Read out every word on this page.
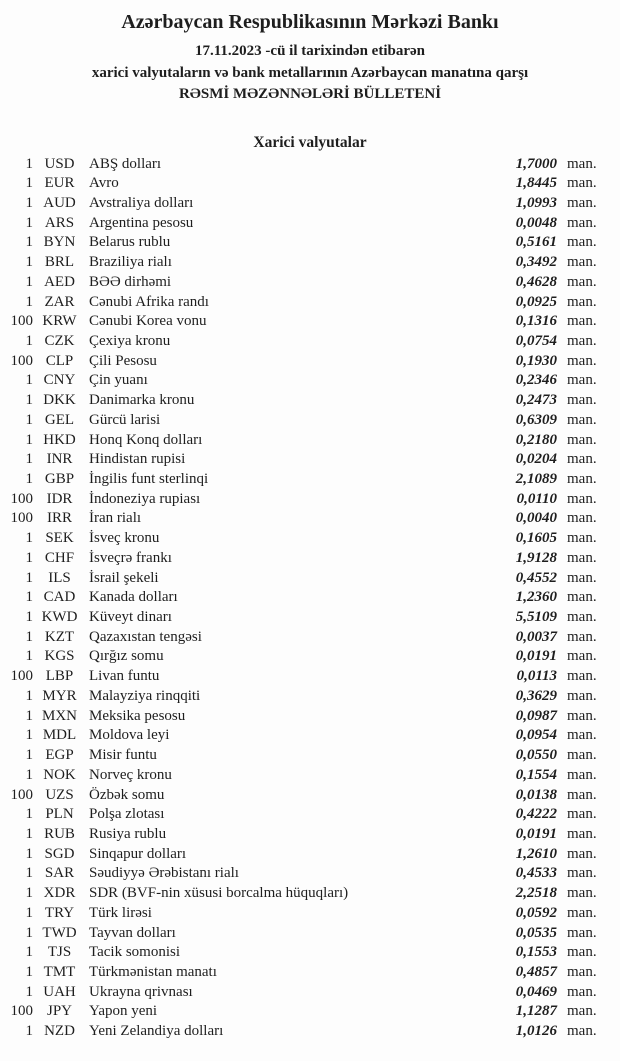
Azərbaycan Respublikasının Mərkəzi Bankı
17.11.2023 -cü il tarixindən etibarən
xarici valyutaların və bank metallarının Azərbaycan manatına qarşı
RƏSMİ MƏZƏNNƏLƏRİ BÜLLETENİ
Xarici valyutalar
1 USD ABŞ dolları	1,7000 man.
1 EUR Avro	1,8445 man.
1 AUD Avstraliya dolları	1,0993 man.
1 ARS Argentina pesosu	0,0048 man.
1 BYN Belarus rublu	0,5161 man.
1 BRL Braziliya rialı	0,3492 man.
1 AED BƏƏ dirhəmi	0,4628 man.
1 ZAR Cənubi Afrika randı	0,0925 man.
100 KRW Cənubi Korea vonu	0,1316 man.
1 CZK Çexiya kronu	0,0754 man.
100 CLP	Çili Pesosu	0,1930 man.
1 CNY Çin yuanı	0,2346 man.
1 DKK Danimarka kronu	0,2473 man.
1 GEL Gürcü larisi	0,6309 man.
1 HKD Honq Konq dolları	0,2180 man.
1 INR	Hindistan rupisi	0,0204 man.
1 GBP İngilis funt sterlinqi	2,1089 man.
100 IDR	İndoneziya rupiası	0,0110 man.
100 IRR	İran rialı	0,0040 man.
1 SEK	İsveç kronu	0,1605 man.
1 CHF İsveçrə frankı	1,9128 man.
1	ILS	İsrail şekeli	0,4552 man.
1 CAD Kanada dolları	1,2360 man.
1 KWD Küveyt dinarı	5,5109 man.
1 KZT Qazaxıstan tengəsi	0,0037 man.
1 KGS Qırğız somu	0,0191 man.
100 LBP	Livan funtu	0,0113 man.
1 MYR Malayziya rinqqiti	0,3629 man.
1 MXN Meksika pesosu	0,0987 man.
1 MDL Moldova leyi	0,0954 man.
1 EGP	Misir funtu	0,0550 man.
1 NOK Norveç kronu	0,1554 man.
100 UZS	Özbək somu	0,0138 man.
1 PLN	Polşa zlotası	0,4222 man.
1 RUB Rusiya rublu	0,0191 man.
1 SGD Sinqapur dolları	1,2610 man.
1 SAR Səudiyyə Ərəbistanı rialı	0,4533 man.
1 XDR SDR (BVF-nin xüsusi borcalma hüquqları)	2,2518 man.
1 TRY Türk lirəsi	0,0592 man.
1 TWD Tayvan dolları	0,0535 man.
1 TJS	Tacik somonisi	0,1553 man.
1 TMT Türkmənistan manatı	0,4857 man.
1 UAH Ukrayna qrivnası	0,0469 man.
100 JPY	Yapon yeni	1,1287 man.
1 NZD Yeni Zelandiya dolları	1,0126 man.
